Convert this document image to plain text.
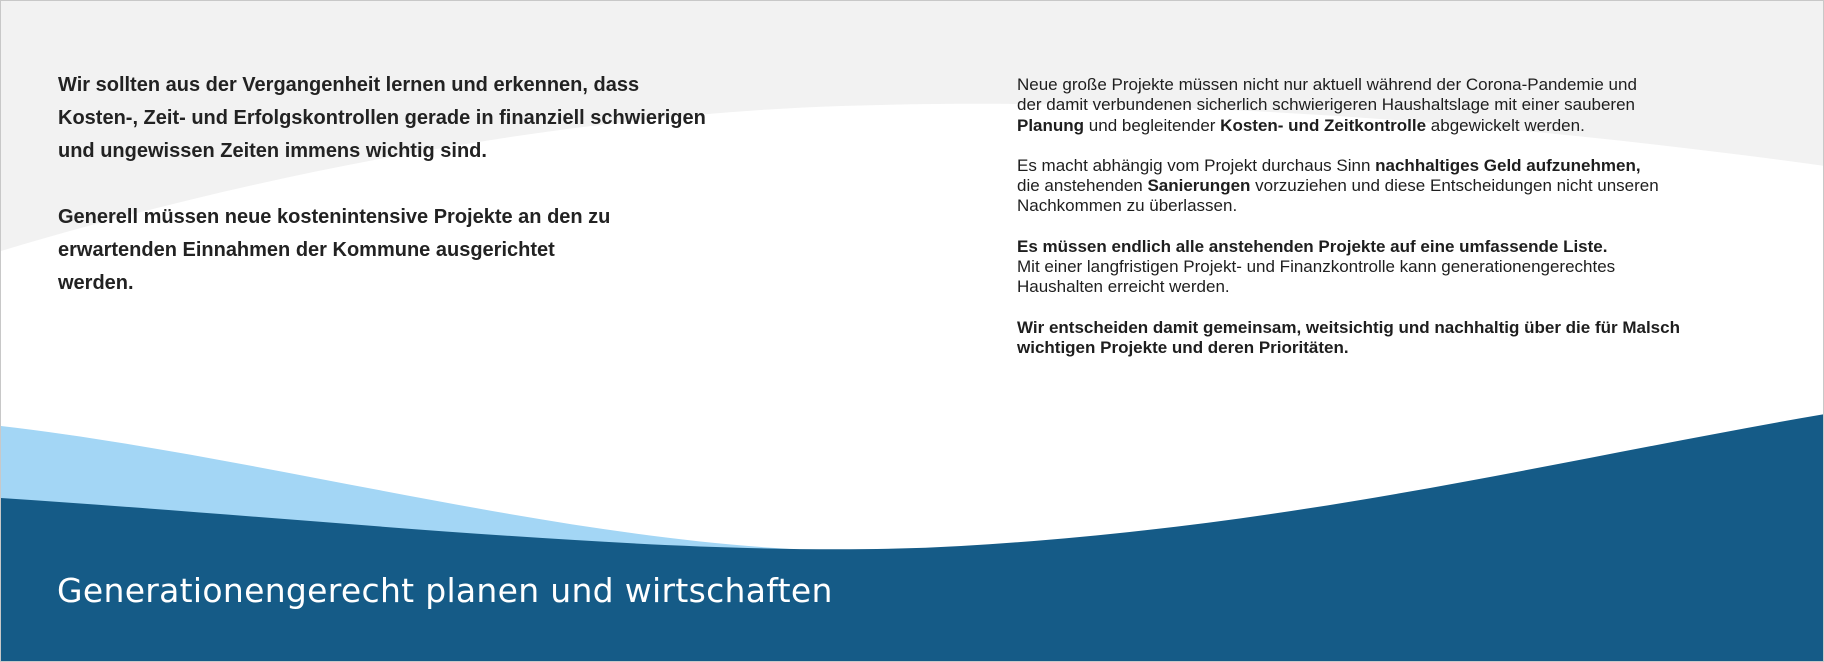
Wir sollten aus der Vergangenheit lernen und erkennen, dass
Kosten-, Zeit- und Erfolgskontrollen gerade in finanziell schwierigen
und ungewissen Zeiten immens wichtig sind.

Generell müssen neue kostenintensive Projekte an den zu
erwartenden Einnahmen der Kommune ausgerichtet
werden.

Neue große Projekte müssen nicht nur aktuell während der Corona-Pandemie und
der damit verbundenen sicherlich schwierigeren Haushaltslage mit einer sauberen
Planung und begleitender Kosten- und Zeitkontrolle abgewickelt werden.

Es macht abhängig vom Projekt durchaus Sinn nachhaltiges Geld aufzunehmen,
die anstehenden Sanierungen vorzuziehen und diese Entscheidungen nicht unseren
Nachkommen zu überlassen.

Es müssen endlich alle anstehenden Projekte auf eine umfassende Liste.
Mit einer langfristigen Projekt- und Finanzkontrolle kann generationengerechtes
Haushalten erreicht werden.

Wir entscheiden damit gemeinsam, weitsichtig und nachhaltig über die für Malsch
wichtigen Projekte und deren Prioritäten.

Generationengerecht planen und wirtschaften
